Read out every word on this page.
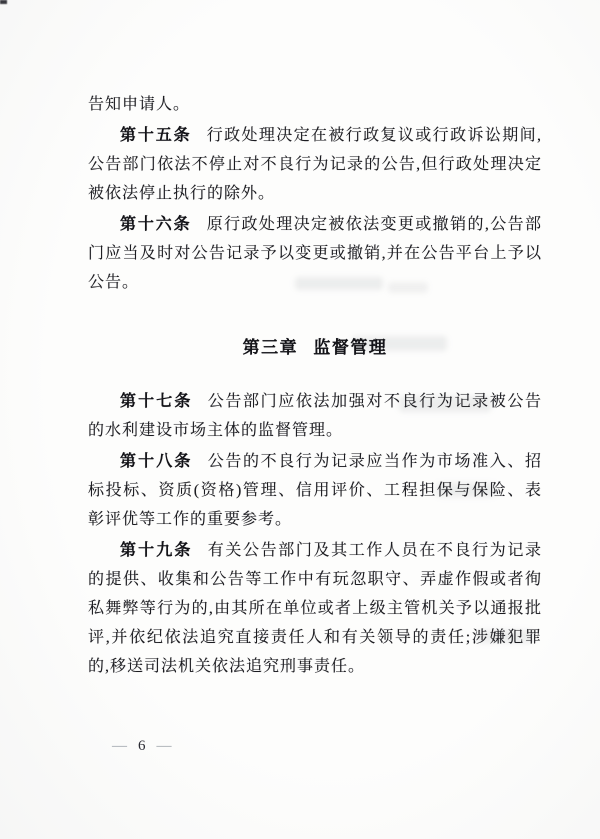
告知申请人。

第十五条 行政处理决定在被行政复议或行政诉讼期间,公告部门依法不停止对不良行为记录的公告,但行政处理决定被依法停止执行的除外。

第十六条 原行政处理决定被依法变更或撤销的,公告部门应当及时对公告记录予以变更或撤销,并在公告平台上予以公告。

第三章 监督管理

第十七条 公告部门应依法加强对不良行为记录被公告的水利建设市场主体的监督管理。

第十八条 公告的不良行为记录应当作为市场准入、招标投标、资质(资格)管理、信用评价、工程担保与保险、表彰评优等工作的重要参考。

第十九条 有关公告部门及其工作人员在不良行为记录的提供、收集和公告等工作中有玩忽职守、弄虚作假或者徇私舞弊等行为的,由其所在单位或者上级主管机关予以通报批评,并依纪依法追究直接责任人和有关领导的责任;涉嫌犯罪的,移送司法机关依法追究刑事责任。

— 6 —
